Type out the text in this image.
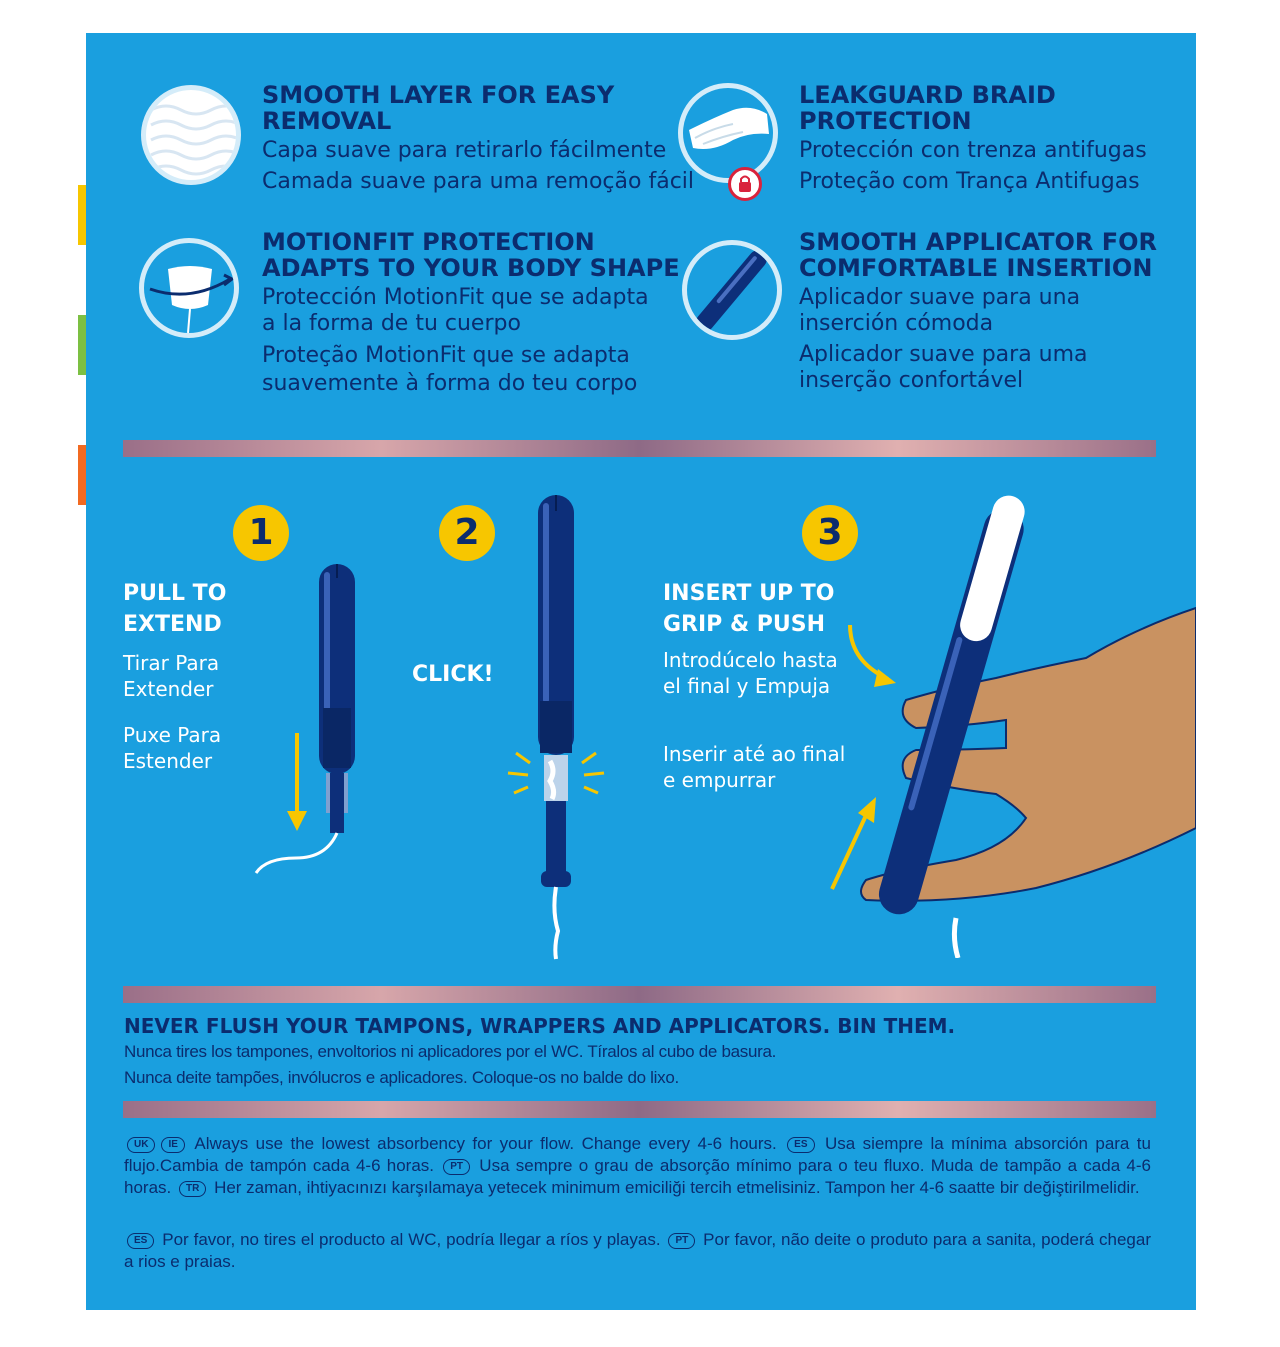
SMOOTH LAYER FOR EASY REMOVAL
Capa suave para retirarlo fácilmente
Camada suave para uma remoção fácil
LEAKGUARD BRAID PROTECTION
Protección con trenza antifugas
Proteção com Trança Antifugas
MOTIONFIT PROTECTION ADAPTS TO YOUR BODY SHAPE
Protección MotionFit que se adapta a la forma de tu cuerpo
Proteção MotionFit que se adapta suavemente à forma do teu corpo
SMOOTH APPLICATOR FOR COMFORTABLE INSERTION
Aplicador suave para una inserción cómoda
Aplicador suave para uma inserção confortável
1
PULL TO EXTEND
Tirar Para Extender
Puxe Para Estender
2
CLICK!
3
INSERT UP TO GRIP & PUSH
Introdúcelo hasta el final y Empuja
Inserir até ao final e empurrar
NEVER FLUSH YOUR TAMPONS, WRAPPERS AND APPLICATORS. BIN THEM.
Nunca tires los tampones, envoltorios ni aplicadores por el WC. Tíralos al cubo de basura.
Nunca deite tampões, invólucros e aplicadores. Coloque-os no balde do lixo.
UK IE Always use the lowest absorbency for your flow. Change every 4-6 hours. ES Usa siempre la mínima absorción para tu flujo.Cambia de tampón cada 4-6 horas. PT Usa sempre o grau de absorção mínimo para o teu fluxo. Muda de tampão a cada 4-6 horas. TR Her zaman, ihtiyacınızı karşılamaya yetecek minimum emiciliği tercih etmelisiniz. Tampon her 4-6 saatte bir değiştirilmelidir.
ES Por favor, no tires el producto al WC, podría llegar a ríos y playas. PT Por favor, não deite o produto para a sanita, poderá chegar a rios e praias.
